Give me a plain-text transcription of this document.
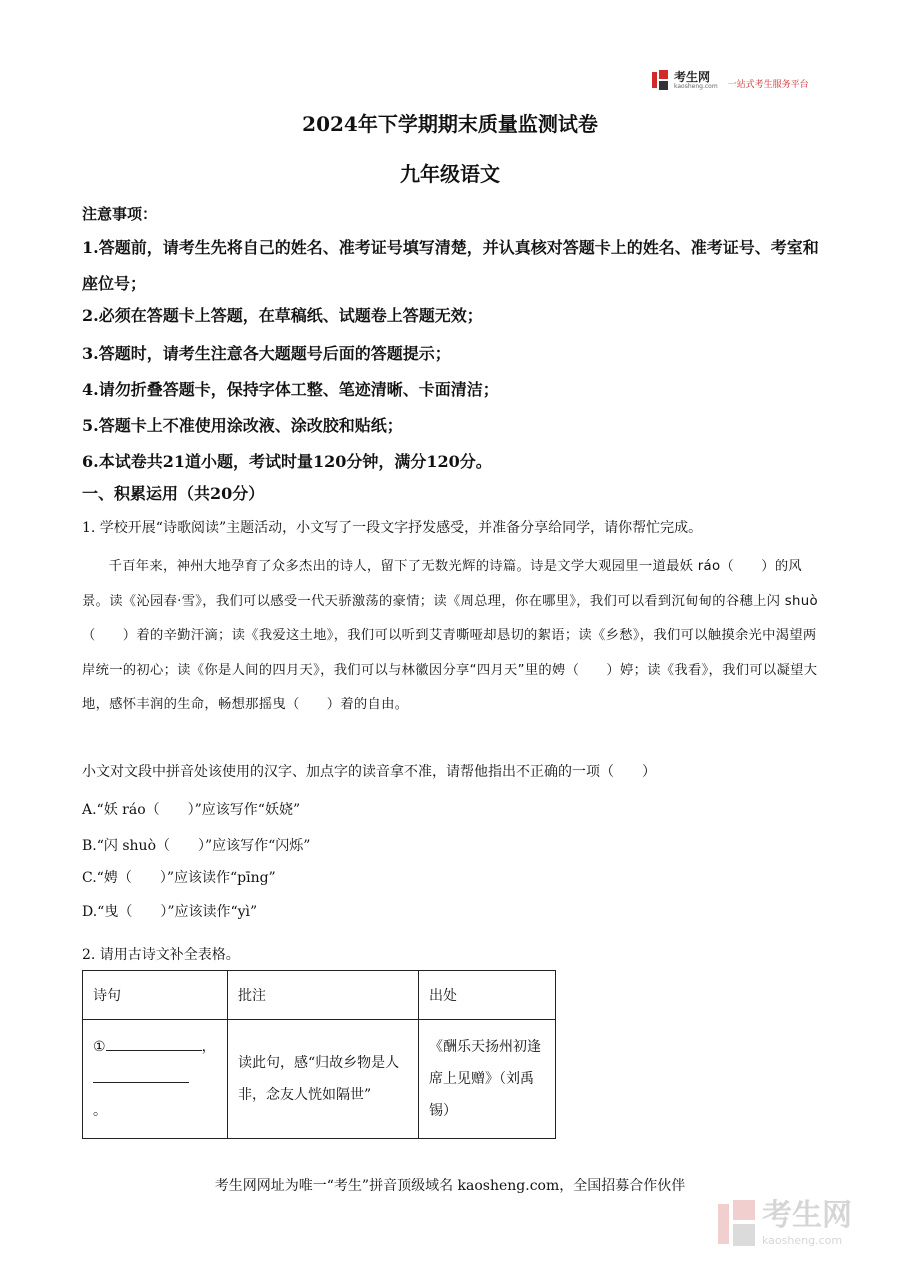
考生网
kaosheng.com 一站式考生服务平台
2024年下学期期末质量监测试卷
九年级语文
注意事项：
1.答题前，请考生先将自己的姓名、准考证号填写清楚，并认真核对答题卡上的姓名、准考证号、考室和座位号；
2.必须在答题卡上答题，在草稿纸、试题卷上答题无效；
3.答题时，请考生注意各大题题号后面的答题提示；
4.请勿折叠答题卡，保持字体工整、笔迹清晰、卡面清洁；
5.答题卡上不准使用涂改液、涂改胶和贴纸；
6.本试卷共21道小题，考试时量120分钟，满分120分。
一、积累运用（共20分）
1. 学校开展“诗歌阅读”主题活动，小文写了一段文字抒发感受，并准备分享给同学，请你帮忙完成。
千百年来，神州大地孕育了众多杰出的诗人，留下了无数光辉的诗篇。诗是文学大观园里一道最妖 ráo（　　）的风景。读《沁园春·雪》，我们可以感受一代天骄激荡的豪情；读《周总理，你在哪里》，我们可以看到沉甸甸的谷穗上闪 shuò（　　）着的辛勤汗滴；读《我爱这土地》，我们可以听到艾青嘶哑却恳切的絮语；读《乡愁》，我们可以触摸余光中渴望两岸统一的初心；读《你是人间的四月天》，我们可以与林徽因分享“四月天”里的娉（　　）婷；读《我看》，我们可以凝望大地，感怀丰润的生命，畅想那摇曳（　　）着的自由。
小文对文段中拼音处该使用的汉字、加点字的读音拿不准，请帮他指出不正确的一项（　　）
A.“妖 ráo（　　）”应该写作“妖娆”
B.“闪 shuò（　　）”应该写作“闪烁”
C.“娉（　　）”应该读作“pīng”
D.“曳（　　）”应该读作“yì”
2. 请用古诗文补全表格。
诗句	批注	出处
① ，

。	读此句，感“归故乡物是人非，念友人恍如隔世”	《酬乐天扬州初逢席上见赠》（刘禹锡）
考生网网址为唯一“考生”拼音顶级域名 kaosheng.com，全国招募合作伙伴
考生网
kaosheng.com
